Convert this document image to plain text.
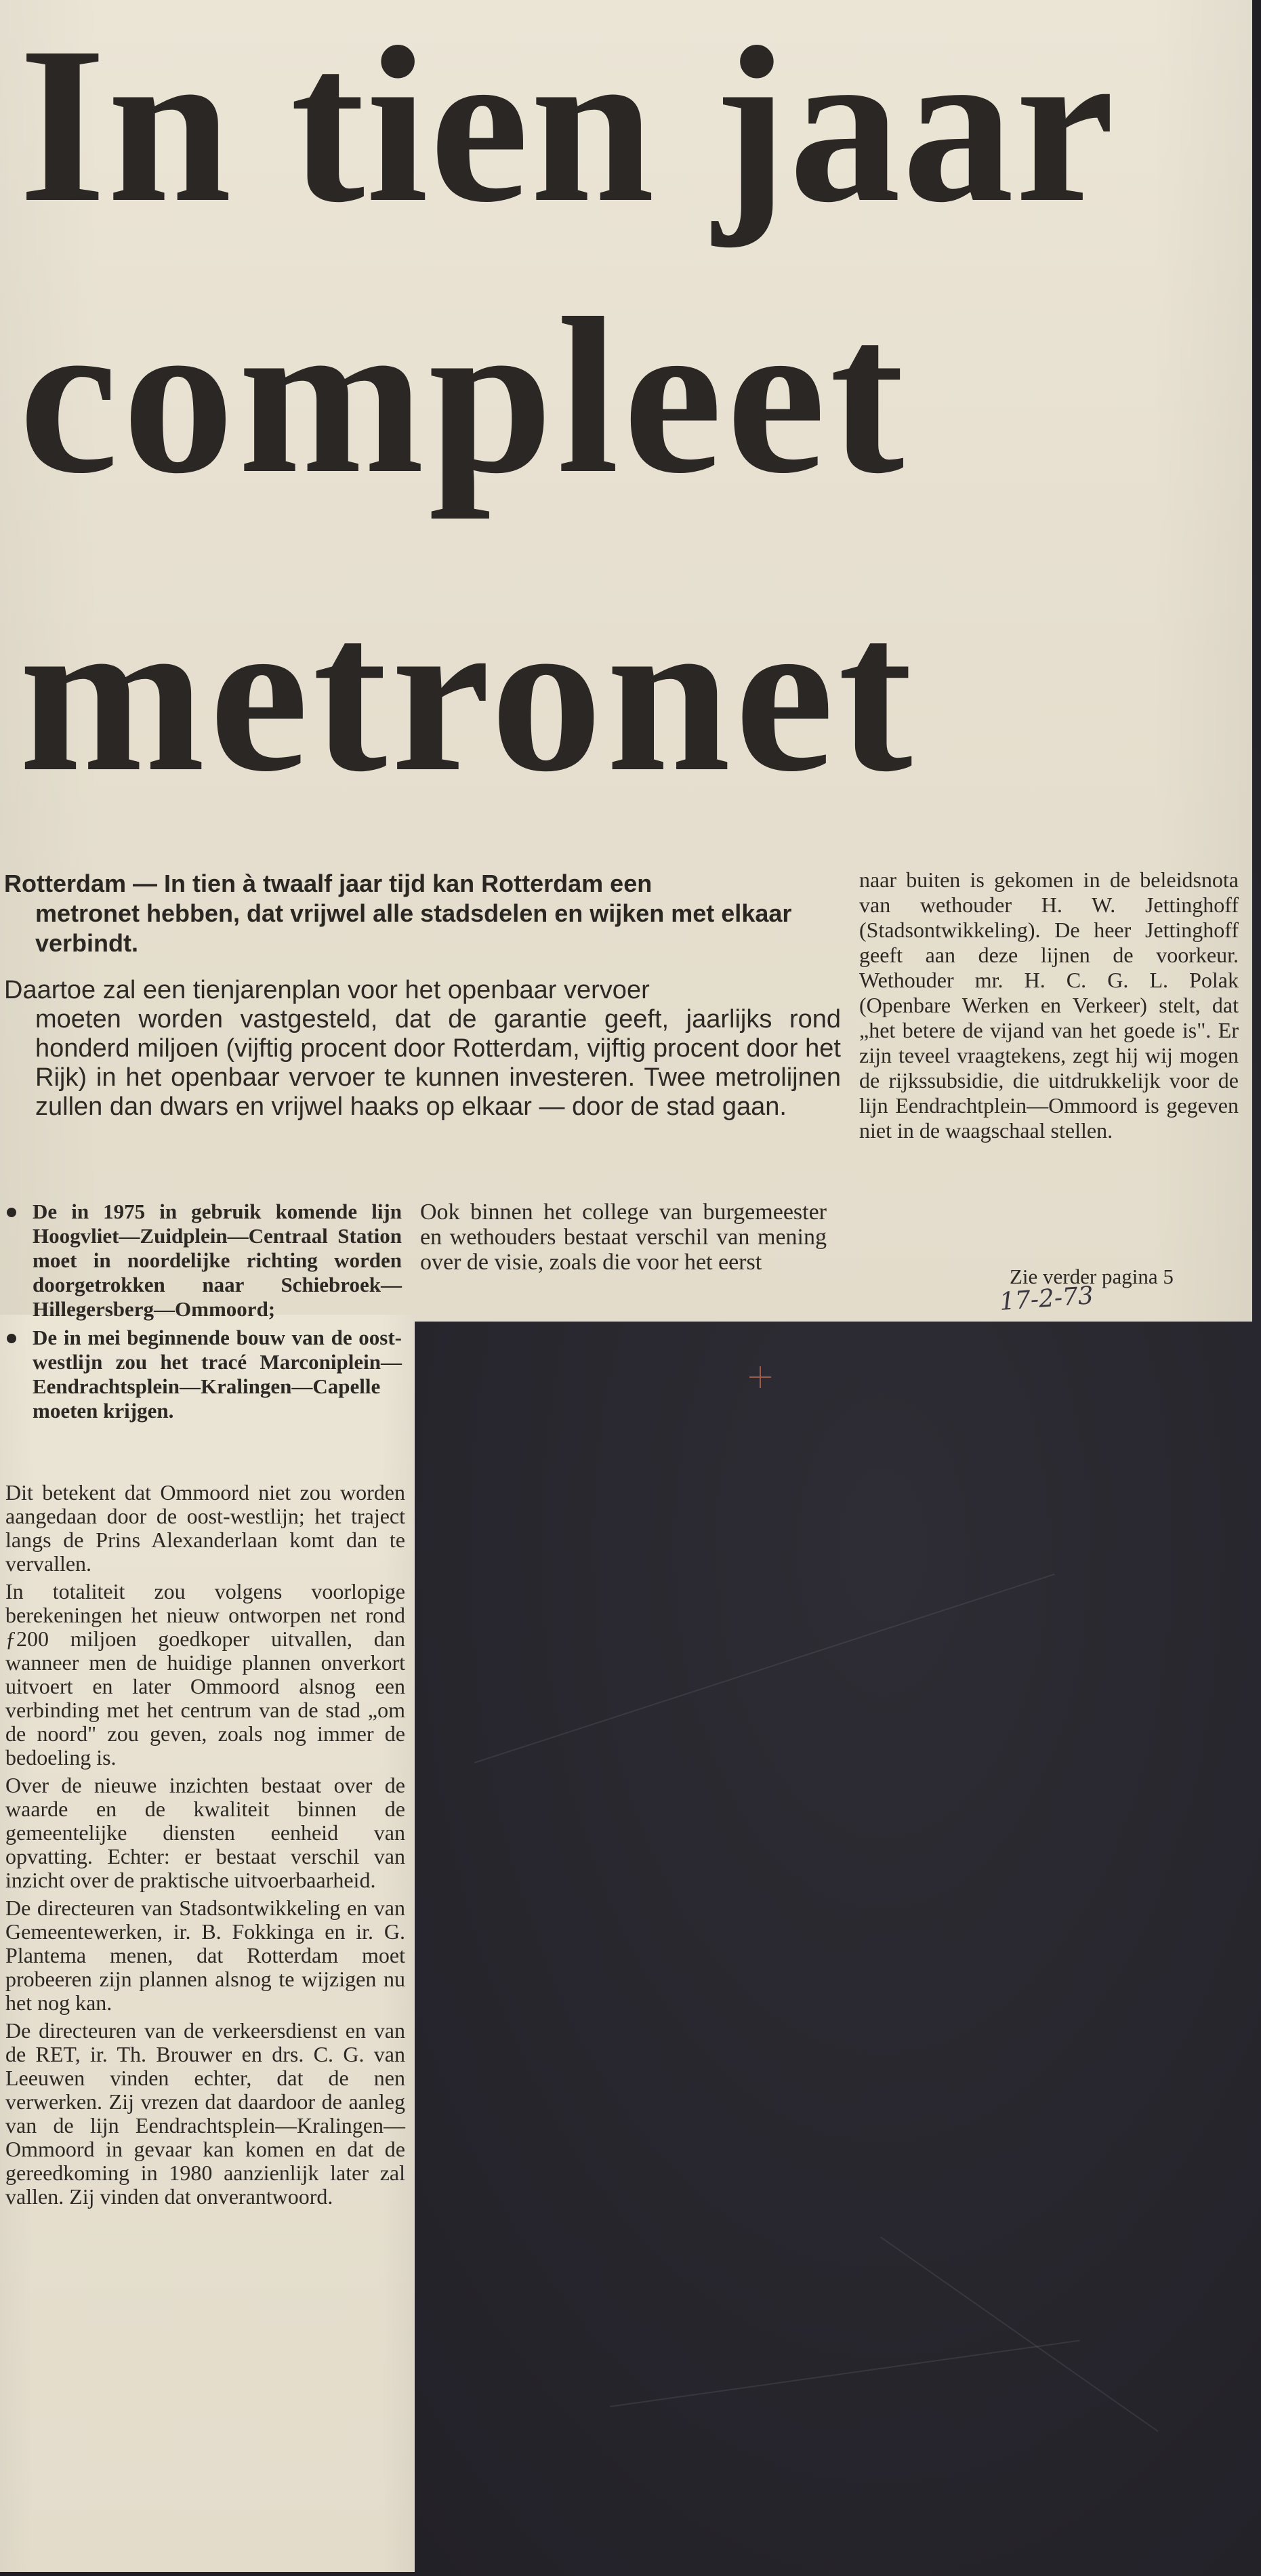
In tien jaar
compleet
metronet
Rotterdam — In tien à twaalf jaar tijd kan Rotterdam een
metronet hebben, dat vrijwel alle stadsdelen en wijken met elkaar verbindt.
Daartoe zal een tienjarenplan voor het openbaar vervoer
moeten worden vastgesteld, dat de garantie geeft, jaarlijks rond honderd miljoen (vijftig procent door Rotterdam, vijftig procent door het Rijk) in het openbaar vervoer te kunnen investeren. Twee metrolijnen zullen dan dwars en vrijwel haaks op elkaar — door de stad gaan.
De in 1975 in gebruik komende lijn Hoogvliet—Zuidplein—Centraal Station moet in noordelijke richting worden doorgetrokken naar Schiebroek—Hillegersberg—Ommoord;
De in mei beginnende bouw van de oost-westlijn zou het tracé Marconiplein—Eendrachtsplein—Kralingen—Capelle moeten krijgen.

Dit betekent dat Ommoord niet zou worden aangedaan door de oost-westlijn; het traject langs de Prins Alexanderlaan komt dan te vervallen.

In totaliteit zou volgens voorlopige berekeningen het nieuw ontworpen net rond ƒ200 miljoen goedkoper uitvallen, dan wanneer men de huidige plannen onverkort uitvoert en later Ommoord alsnog een verbinding met het centrum van de stad „om de noord" zou geven, zoals nog immer de bedoeling is.

Over de nieuwe inzichten bestaat over de waarde en de kwaliteit binnen de gemeentelijke diensten eenheid van opvatting. Echter: er bestaat verschil van inzicht over de praktische uitvoerbaarheid.

De directeuren van Stadsontwikkeling en van Gemeentewerken, ir. B. Fokkinga en ir. G. Plantema menen, dat Rotterdam moet probeeren zijn plannen alsnog te wijzigen nu het nog kan.

De directeuren van de verkeersdienst en van de RET, ir. Th. Brouwer en drs. C. G. van Leeuwen vinden echter, dat de nen verwerken. Zij vrezen dat daardoor de aanleg van de lijn Eendrachtsplein—Kralingen—Ommoord in gevaar kan komen en dat de gereedkoming in 1980 aanzienlijk later zal vallen. Zij vinden dat onverantwoord.

Ook binnen het college van burgemeester en wethouders bestaat verschil van mening over de visie, zoals die voor het eerst

naar buiten is gekomen in de beleidsnota van wethouder H. W. Jettinghoff (Stadsontwikkeling). De heer Jettinghoff geeft aan deze lijnen de voorkeur. Wethouder mr. H. C. G. L. Polak (Openbare Werken en Verkeer) stelt, dat „het betere de vijand van het goede is". Er zijn teveel vraagtekens, zegt hij wij mogen de rijkssubsidie, die uitdrukkelijk voor de lijn Eendrachtplein—Ommoord is gegeven niet in de waagschaal stellen.

Zie verder pagina 5
17-2-73
